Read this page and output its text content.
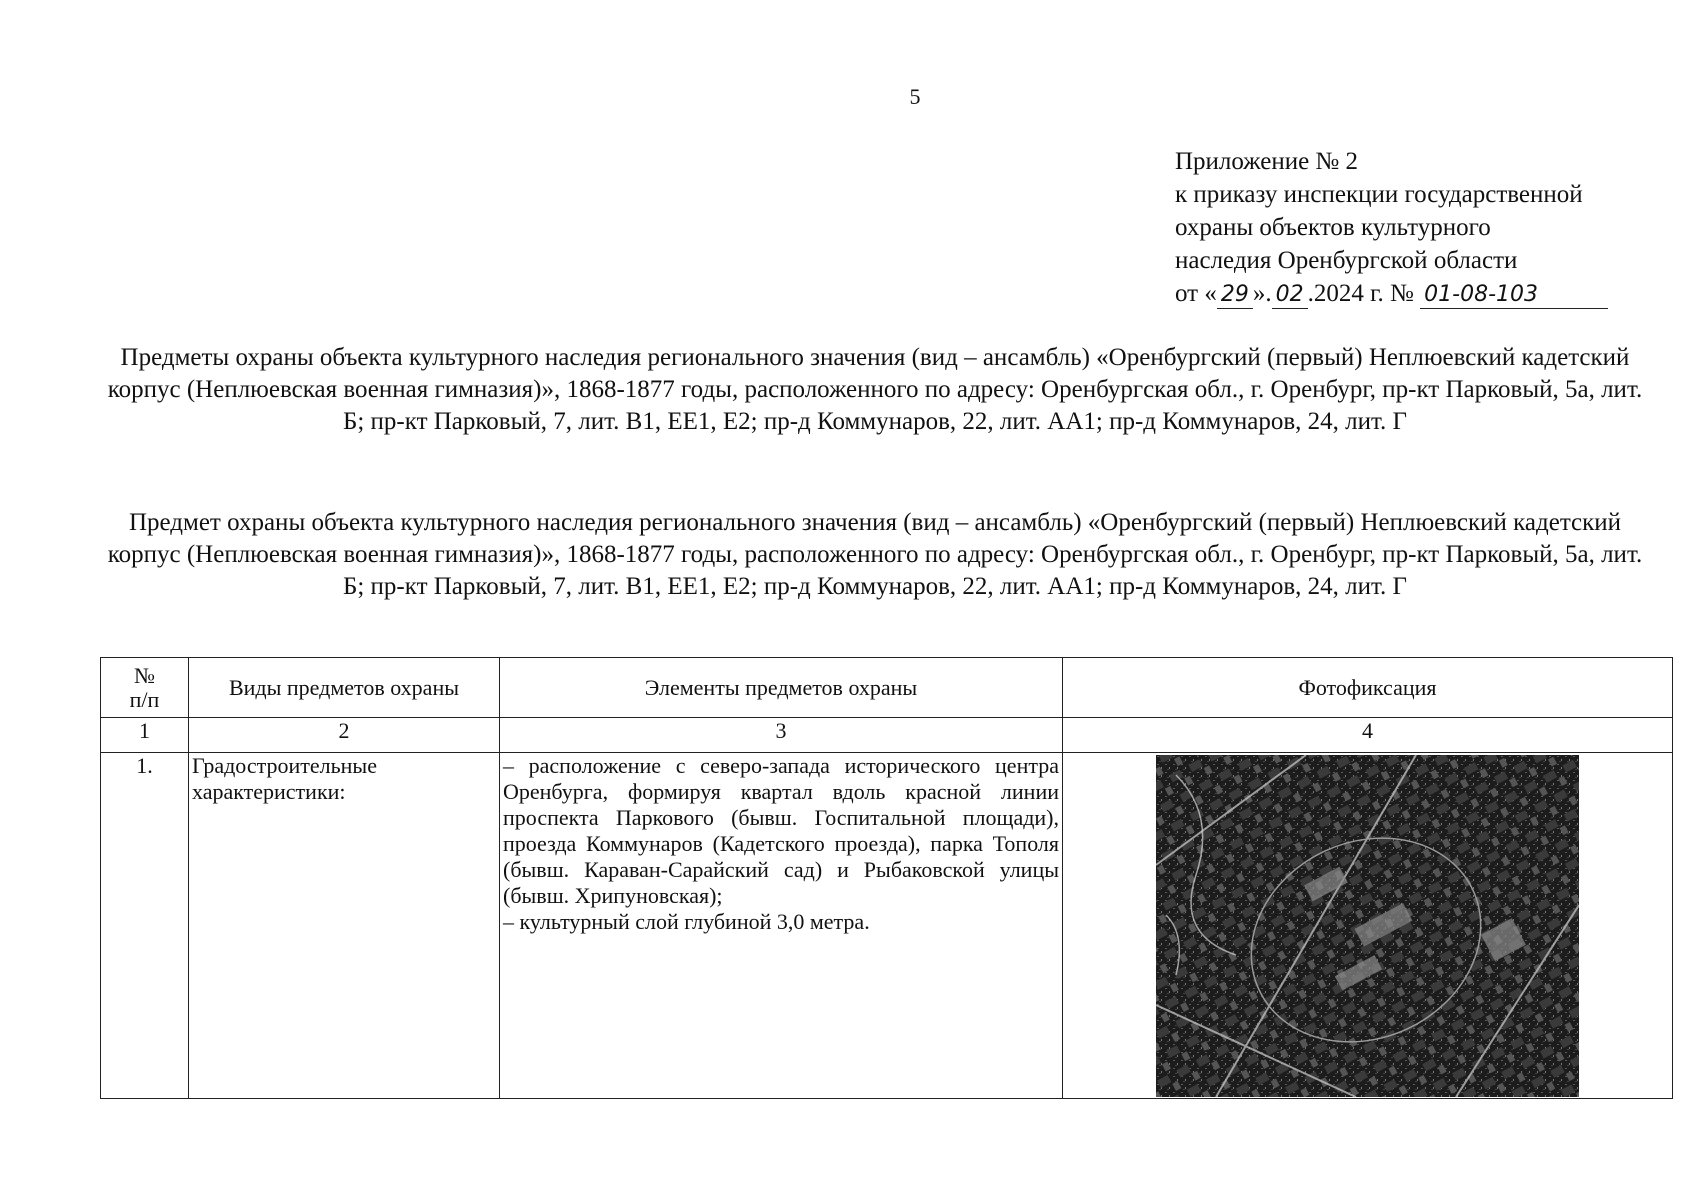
5
Приложение № 2
к приказу инспекции государственной
охраны объектов культурного
наследия Оренбургской области
от « 29 ». 02 .2024 г. № 01-08-103
Предметы охраны объекта культурного наследия регионального значения (вид – ансамбль) «Оренбургский (первый) Неплюевский кадетский корпус (Неплюевская военная гимназия)», 1868-1877 годы, расположенного по адресу: Оренбургская обл., г. Оренбург, пр-кт Парковый, 5а, лит. Б; пр-кт Парковый, 7, лит. В1, ЕЕ1, Е2; пр-д Коммунаров, 22, лит. АА1; пр-д Коммунаров, 24, лит. Г
Предмет охраны объекта культурного наследия регионального значения (вид – ансамбль) «Оренбургский (первый) Неплюевский кадетский корпус (Неплюевская военная гимназия)», 1868-1877 годы, расположенного по адресу: Оренбургская обл., г. Оренбург, пр-кт Парковый, 5а, лит. Б; пр-кт Парковый, 7, лит. В1, ЕЕ1, Е2; пр-д Коммунаров, 22, лит. АА1; пр-д Коммунаров, 24, лит. Г
№
п/п	Виды предметов охраны	Элементы предметов охраны	Фотофиксация
1	2	3	4
1.	Градостроительные характеристики:	– расположение с северо-запада исторического центра Оренбурга, формируя квартал вдоль красной линии проспекта Паркового (бывш. Госпитальной площади), проезда Коммунаров (Кадетского проезда), парка Тополя (бывш. Караван-Сарайский сад) и Рыбаковской улицы (бывш. Хрипуновская);
– культурный слой глубиной 3,0 метра.
